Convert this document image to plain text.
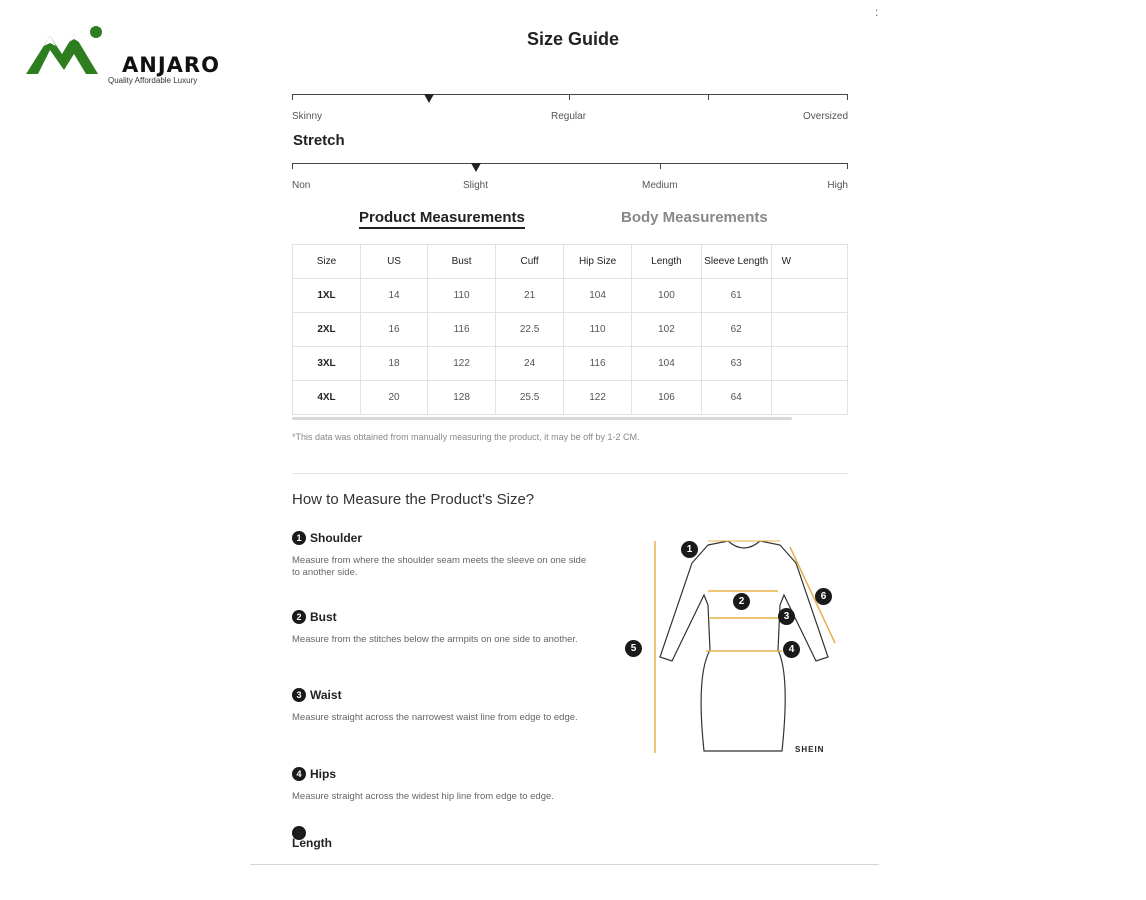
ANJARO
Quality Affordable Luxury
:
Size Guide
Skinny	Regular	Oversized
Stretch
Non	Slight	Medium	High
Product Measurements	Body Measurements
Size	US	Bust	Cuff	Hip Size	Length	Sleeve Length	W
1XL	14	110	21	104	100	61	
2XL	16	116	22.5	110	102	62	
3XL	18	122	24	116	104	63	
4XL	20	128	25.5	122	106	64	
*This data was obtained from manually measuring the product, it may be off by 1-2 CM.
How to Measure the Product's Size?
1 Shoulder
Measure from where the shoulder seam meets the sleeve on one side to another side.
2 Bust
Measure from the stitches below the armpits on one side to another.
3 Waist
Measure straight across the narrowest waist line from edge to edge.
4 Hips
Measure straight across the widest hip line from edge to edge.
5
Length
1
2
3
4
5
6
SHEIN
